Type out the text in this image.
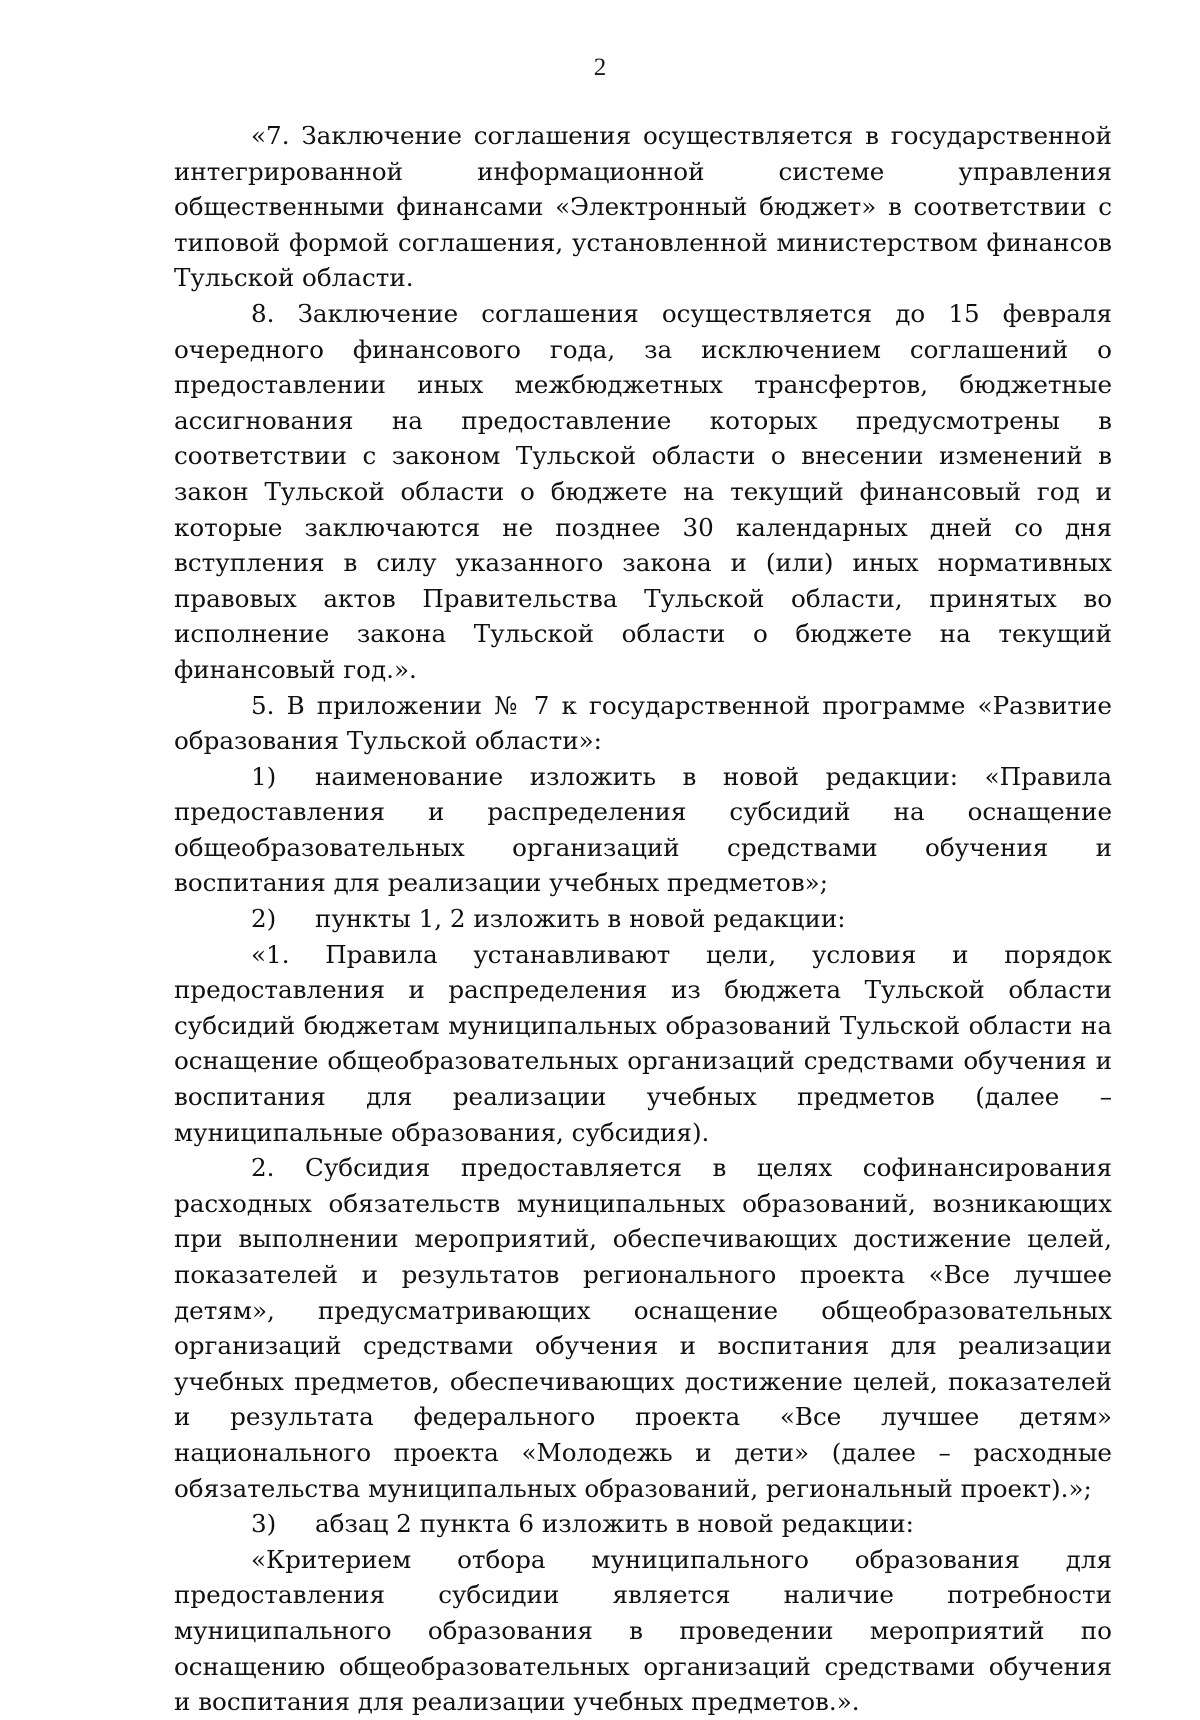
2

«7. Заключение соглашения осуществляется в государственной интегрированной информационной системе управления общественными финансами «Электронный бюджет» в соответствии с типовой формой соглашения, установленной министерством финансов Тульской области.

8. Заключение соглашения осуществляется до 15 февраля очередного финансового года, за исключением соглашений о предоставлении иных межбюджетных трансфертов, бюджетные ассигнования на предоставление которых предусмотрены в соответствии с законом Тульской области о внесении изменений в закон Тульской области о бюджете на текущий финансовый год и которые заключаются не позднее 30 календарных дней со дня вступления в силу указанного закона и (или) иных нормативных правовых актов Правительства Тульской области, принятых во исполнение закона Тульской области о бюджете на текущий финансовый год.».

5. В приложении № 7 к государственной программе «Развитие образования Тульской области»:

1) наименование изложить в новой редакции: «Правила предоставления и распределения субсидий на оснащение общеобразовательных организаций средствами обучения и воспитания для реализации учебных предметов»;

2) пункты 1, 2 изложить в новой редакции:

«1. Правила устанавливают цели, условия и порядок предоставления и распределения из бюджета Тульской области субсидий бюджетам муниципальных образований Тульской области на оснащение общеобразовательных организаций средствами обучения и воспитания для реализации учебных предметов (далее – муниципальные образования, субсидия).

2. Субсидия предоставляется в целях софинансирования расходных обязательств муниципальных образований, возникающих при выполнении мероприятий, обеспечивающих достижение целей, показателей и результатов регионального проекта «Все лучшее детям», предусматривающих оснащение общеобразовательных организаций средствами обучения и воспитания для реализации учебных предметов, обеспечивающих достижение целей, показателей и результата федерального проекта «Все лучшее детям» национального проекта «Молодежь и дети» (далее – расходные обязательства муниципальных образований, региональный проект).»;

3) абзац 2 пункта 6 изложить в новой редакции:

«Критерием отбора муниципального образования для предоставления субсидии является наличие потребности муниципального образования в проведении мероприятий по оснащению общеобразовательных организаций средствами обучения и воспитания для реализации учебных предметов.».
